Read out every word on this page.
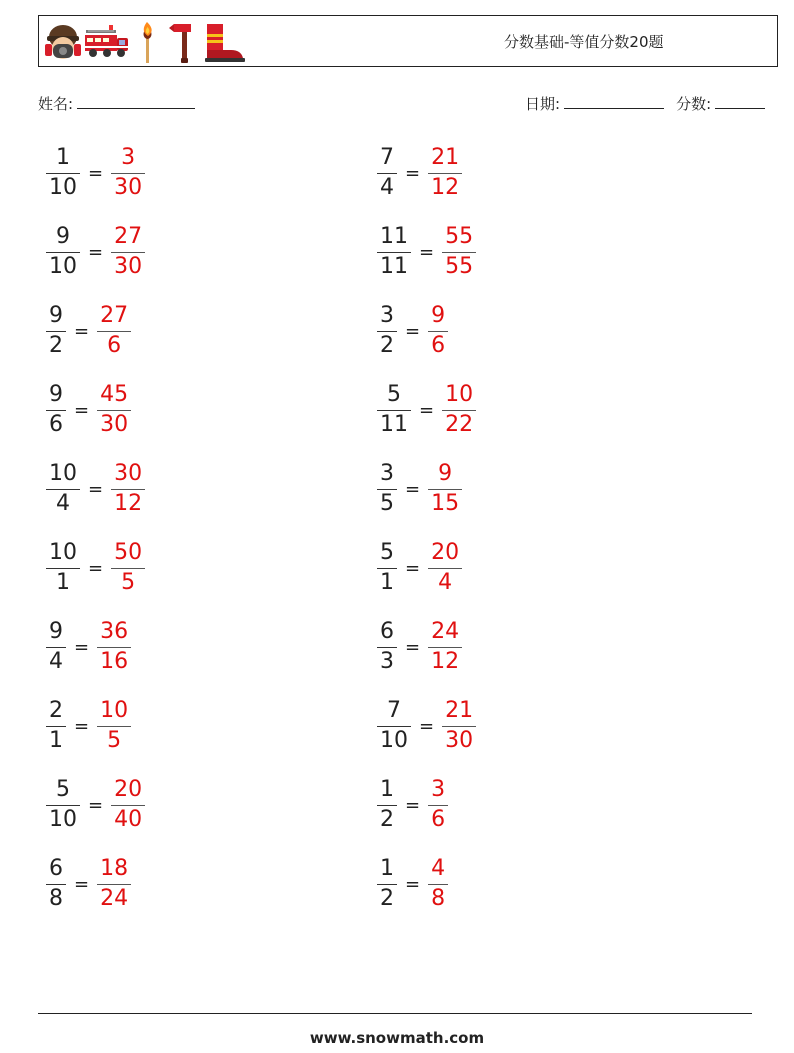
分数基础-等值分数20题
姓名:	日期:	分数:
$\frac{1}{10} = \frac{3}{30}$
$\frac{9}{10} = \frac{27}{30}$
$\frac{9}{2} = \frac{27}{6}$
$\frac{9}{6} = \frac{45}{30}$
$\frac{10}{4} = \frac{30}{12}$
$\frac{10}{1} = \frac{50}{5}$
$\frac{9}{4} = \frac{36}{16}$
$\frac{2}{1} = \frac{10}{5}$
$\frac{5}{10} = \frac{20}{40}$
$\frac{6}{8} = \frac{18}{24}$
$\frac{7}{4} = \frac{21}{12}$
$\frac{11}{11} = \frac{55}{55}$
$\frac{3}{2} = \frac{9}{6}$
$\frac{5}{11} = \frac{10}{22}$
$\frac{3}{5} = \frac{9}{15}$
$\frac{5}{1} = \frac{20}{4}$
$\frac{6}{3} = \frac{24}{12}$
$\frac{7}{10} = \frac{21}{30}$
$\frac{1}{2} = \frac{3}{6}$
$\frac{1}{2} = \frac{4}{8}$
www.snowmath.com
